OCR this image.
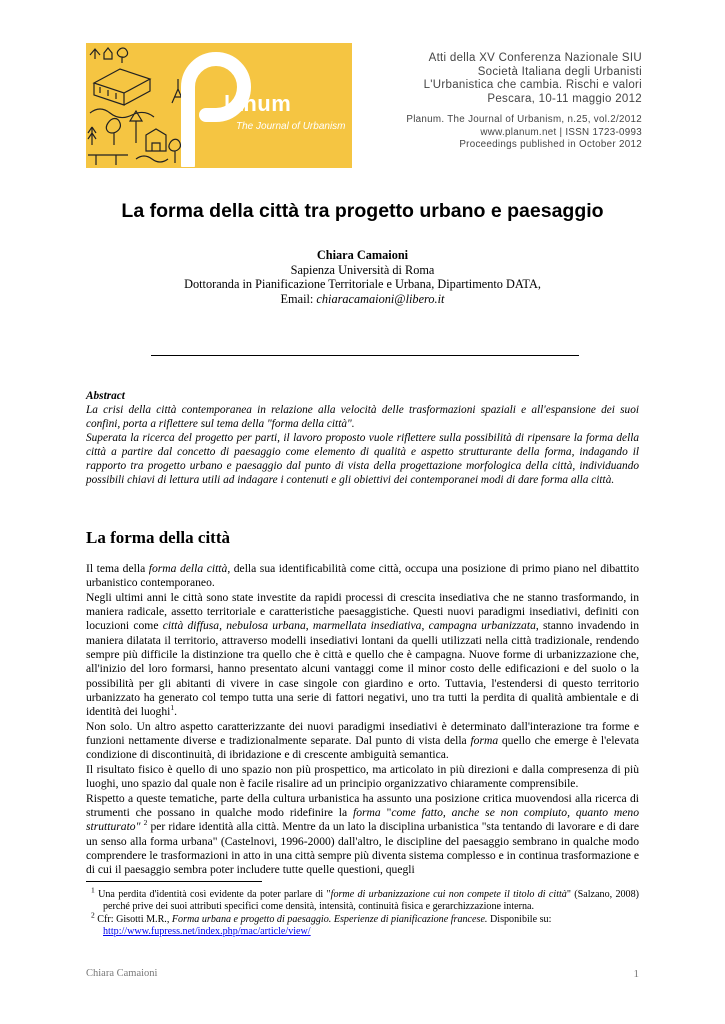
lanum
The Journal of Urbanism
Atti della XV Conferenza Nazionale SIU
Società Italiana degli Urbanisti
L'Urbanistica che cambia. Rischi e valori
Pescara, 10-11 maggio 2012
Planum. The Journal of Urbanism, n.25, vol.2/2012
www.planum.net | ISSN 1723-0993
Proceedings published in October 2012
La forma della città tra progetto urbano e paesaggio
Chiara Camaioni
Sapienza Università di Roma
Dottoranda in Pianificazione Territoriale e Urbana, Dipartimento DATA,
Email: chiaracamaioni@libero.it

Abstract

La crisi della città contemporanea in relazione alla velocità delle trasformazioni spaziali e all'espansione dei suoi confini, porta a riflettere sul tema della "forma della città".

Superata la ricerca del progetto per parti, il lavoro proposto vuole riflettere sulla possibilità di ripensare la forma della città a partire dal concetto di paesaggio come elemento di qualità e aspetto strutturante della forma, indagando il rapporto tra progetto urbano e paesaggio dal punto di vista della progettazione morfologica della città, individuando possibili chiavi di lettura utili ad indagare i contenuti e gli obiettivi dei contemporanei modi di dare forma alla città.

La forma della città

Il tema della forma della città, della sua identificabilità come città, occupa una posizione di primo piano nel dibattito urbanistico contemporaneo.

Negli ultimi anni le città sono state investite da rapidi processi di crescita insediativa che ne stanno trasformando, in maniera radicale, assetto territoriale e caratteristiche paesaggistiche. Questi nuovi paradigmi insediativi, definiti con locuzioni come città diffusa, nebulosa urbana, marmellata insediativa, campagna urbanizzata, stanno invadendo in maniera dilatata il territorio, attraverso modelli insediativi lontani da quelli utilizzati nella città tradizionale, rendendo sempre più difficile la distinzione tra quello che è città e quello che è campagna. Nuove forme di urbanizzazione che, all'inizio del loro formarsi, hanno presentato alcuni vantaggi come il minor costo delle edificazioni e del suolo o la possibilità per gli abitanti di vivere in case singole con giardino e orto. Tuttavia, l'estendersi di questo territorio urbanizzato ha generato col tempo tutta una serie di fattori negativi, uno tra tutti la perdita di qualità ambientale e di identità dei luoghi$^1$.

Non solo. Un altro aspetto caratterizzante dei nuovi paradigmi insediativi è determinato dall'interazione tra forme e funzioni nettamente diverse e tradizionalmente separate. Dal punto di vista della forma quello che emerge è l'elevata condizione di discontinuità, di ibridazione e di crescente ambiguità semantica.

Il risultato fisico è quello di uno spazio non più prospettico, ma articolato in più direzioni e dalla compresenza di più luoghi, uno spazio dal quale non è facile risalire ad un principio organizzativo chiaramente comprensibile.

Rispetto a queste tematiche, parte della cultura urbanistica ha assunto una posizione critica muovendosi alla ricerca di strumenti che possano in qualche modo ridefinire la forma "come fatto, anche se non compiuto, quanto meno strutturato" $^2$ per ridare identità alla città. Mentre da un lato la disciplina urbanistica "sta tentando di lavorare e di dare un senso alla forma urbana" (Castelnovi, 1996-2000) dall'altro, le discipline del paesaggio sembrano in qualche modo comprendere le trasformazioni in atto in una città sempre più diventa sistema complesso e in continua trasformazione e di cui il paesaggio sembra poter includere tutte quelle questioni, quegli

$^1$ Una perdita d'identità così evidente da poter parlare di "forme di urbanizzazione cui non compete il titolo di città" (Salzano, 2008) perché prive dei suoi attributi specifici come densità, intensità, continuità fisica e gerarchizzazione interna.

$^2$ Cfr: Gisotti M.R., Forma urbana e progetto di paesaggio. Esperienze di pianificazione francese. Disponibile su:
http://www.fupress.net/index.php/mac/article/view/

Chiara Camaioni	1
